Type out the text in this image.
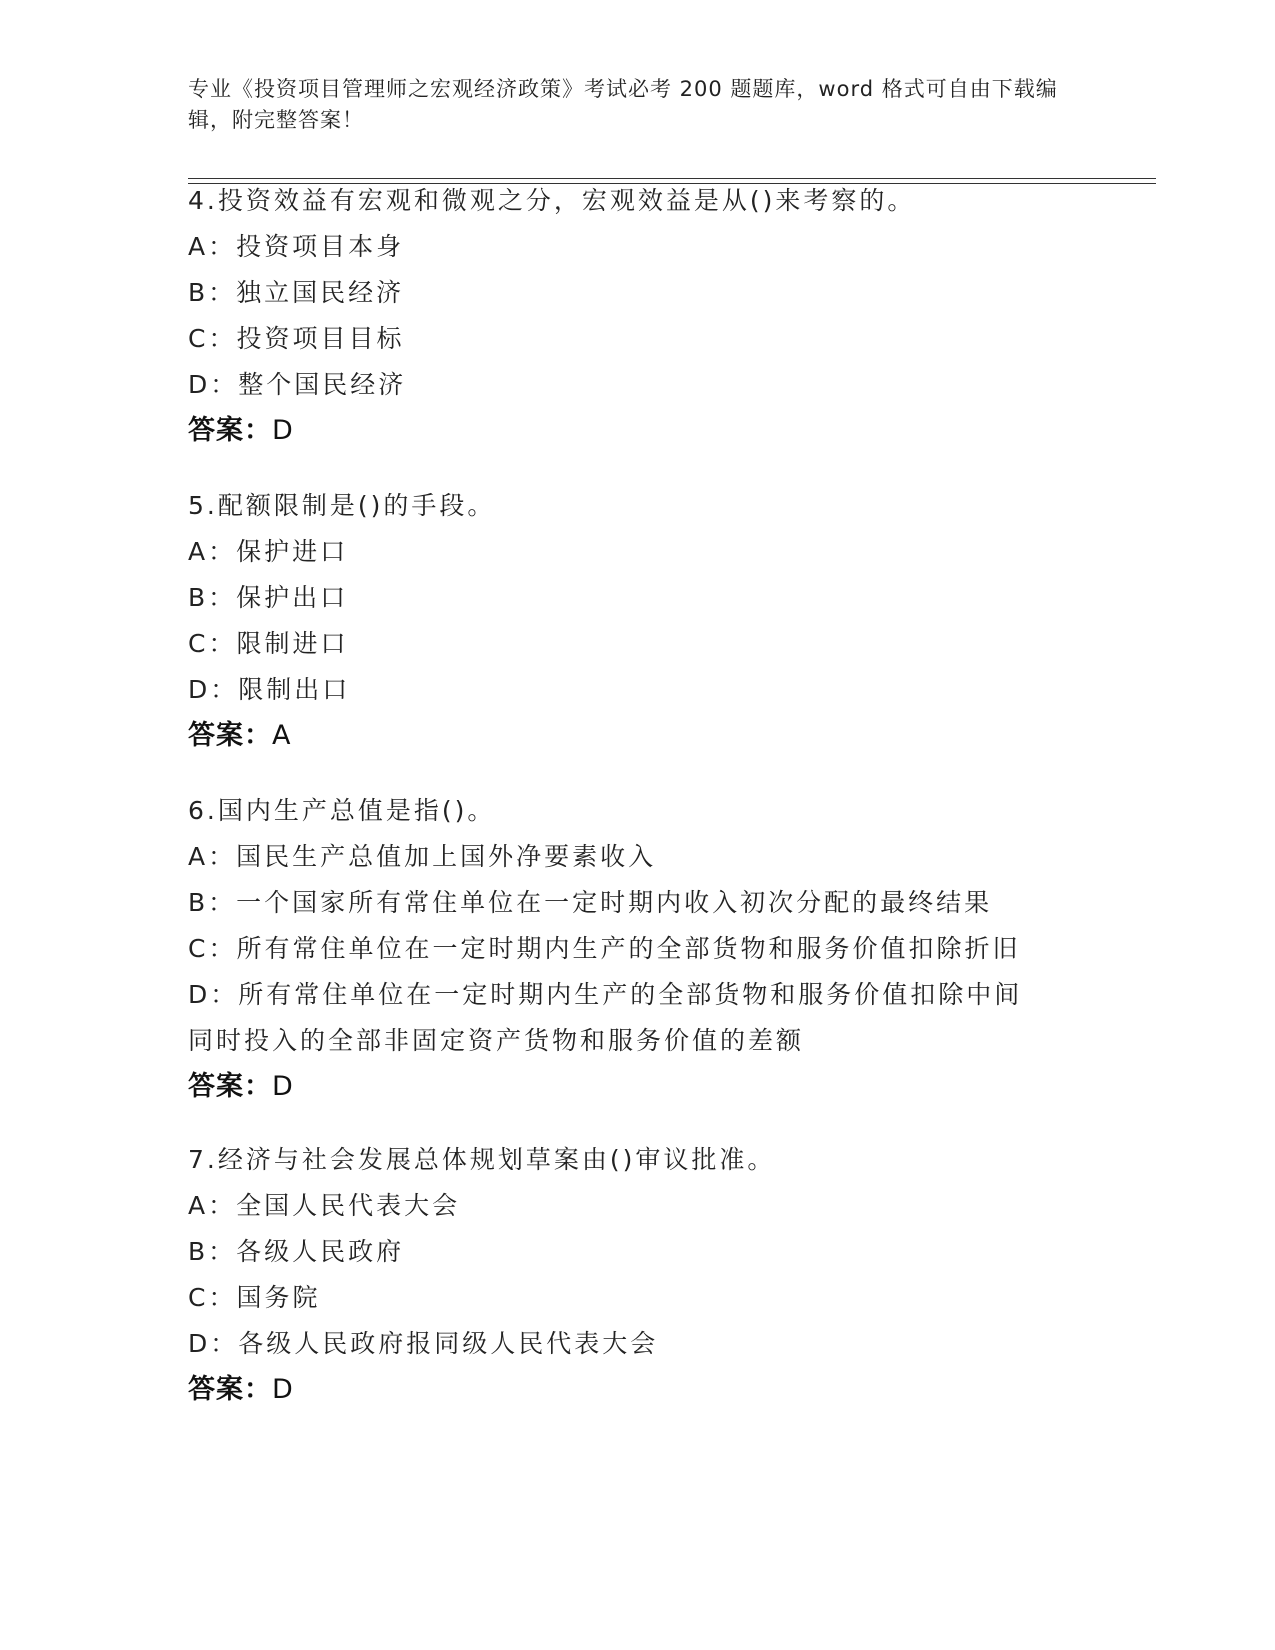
专业《投资项目管理师之宏观经济政策》考试必考 200 题题库，word 格式可自由下载编辑，附完整答案！
4.投资效益有宏观和微观之分，宏观效益是从()来考察的。
A：投资项目本身
B：独立国民经济
C：投资项目目标
D：整个国民经济
答案：D
5.配额限制是()的手段。
A：保护进口
B：保护出口
C：限制进口
D：限制出口
答案：A
6.国内生产总值是指()。
A：国民生产总值加上国外净要素收入
B：一个国家所有常住单位在一定时期内收入初次分配的最终结果
C：所有常住单位在一定时期内生产的全部货物和服务价值扣除折旧
D：所有常住单位在一定时期内生产的全部货物和服务价值扣除中间同时投入的全部非固定资产货物和服务价值的差额
答案：D
7.经济与社会发展总体规划草案由()审议批准。
A：全国人民代表大会
B：各级人民政府
C：国务院
D：各级人民政府报同级人民代表大会
答案：D
